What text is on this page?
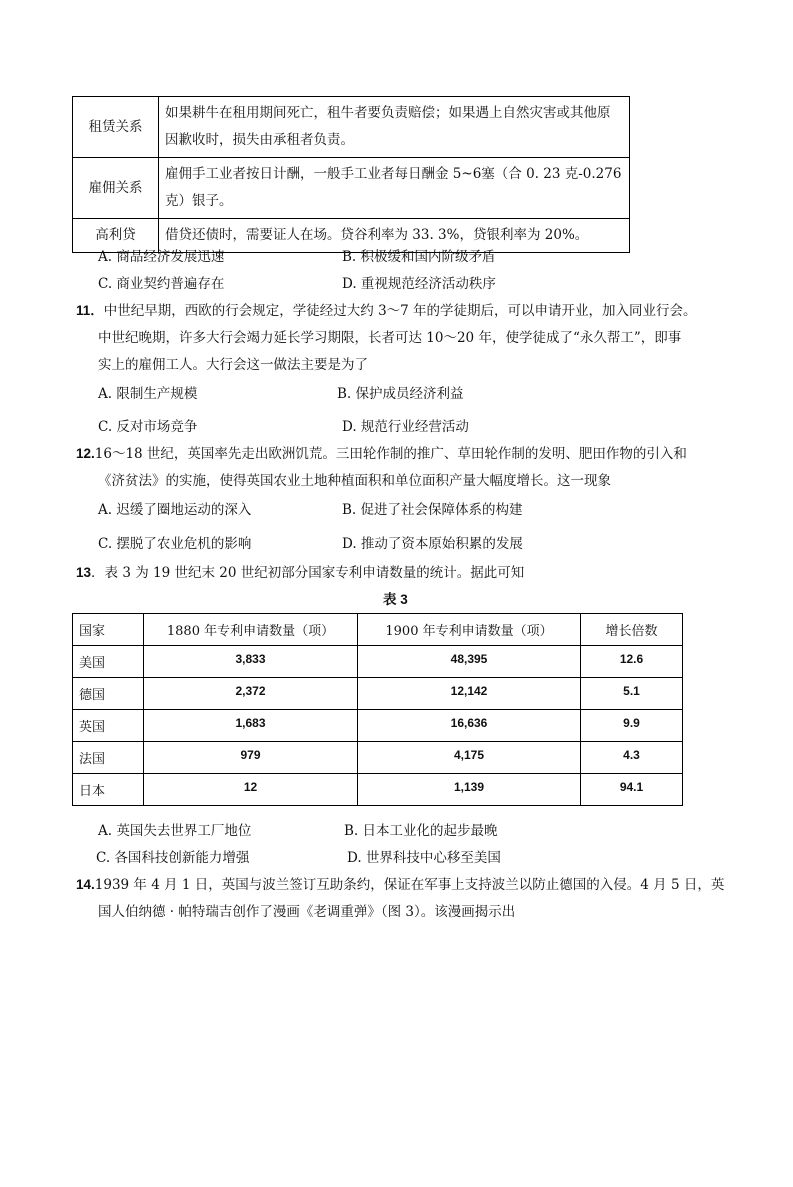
租赁关系	如果耕牛在租用期间死亡，租牛者要负责赔偿；如果遇上自然灾害或其他原因歉收时，损失由承租者负责。
雇佣关系	雇佣手工业者按日计酬，一般手工业者每日酬金 5~6塞（合 0. 23 克-0.276 克）银子。
高利贷	借贷还债时，需要证人在场。贷谷利率为 33. 3%，贷银利率为 20%。
A. 商品经济发展迅速	B. 积极缓和国内阶级矛盾
C. 商业契约普遍存在	D. 重视规范经济活动秩序
11．中世纪早期，西欧的行会规定，学徒经过大约 3～7 年的学徒期后，可以申请开业，加入同业行会。
中世纪晚期，许多大行会竭力延长学习期限，长者可达 10～20 年，使学徒成了“永久帮工”，即事
实上的雇佣工人。大行会这一做法主要是为了
A. 限制生产规模	B. 保护成员经济利益
C. 反对市场竞争	D. 规范行业经营活动
12.16～18 世纪，英国率先走出欧洲饥荒。三田轮作制的推广、草田轮作制的发明、肥田作物的引入和
《济贫法》的实施，使得英国农业土地种植面积和单位面积产量大幅度增长。这一现象
A. 迟缓了圈地运动的深入	B. 促进了社会保障体系的构建
C. 摆脱了农业危机的影响	D. 推动了资本原始积累的发展
13．表 3 为 19 世纪末 20 世纪初部分国家专利申请数量的统计。据此可知
表 3
国家	1880 年专利申请数量（项）	1900 年专利申请数量（项）	增长倍数
美国	3,833	48,395	12.6
德国	2,372	12,142	5.1
英国	1,683	16,636	9.9
法国	979	4,175	4.3
日本	12	1,139	94.1
A. 英国失去世界工厂地位	B. 日本工业化的起步最晚
C. 各国科技创新能力增强	D. 世界科技中心移至美国
14.1939 年 4 月 1 日，英国与波兰签订互助条约，保证在军事上支持波兰以防止德国的入侵。4 月 5 日，英
国人伯纳德 · 帕特瑞吉创作了漫画《老调重弹》（图 3）。该漫画揭示出
